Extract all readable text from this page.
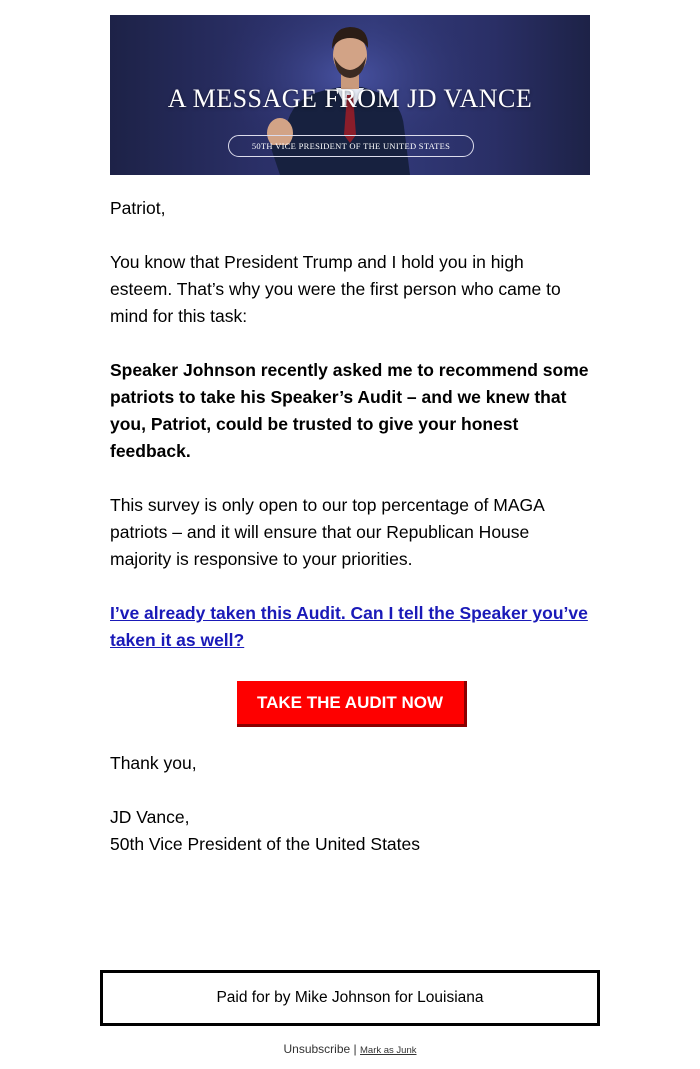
A MESSAGE FROM JD VANCE
50TH VICE PRESIDENT OF THE UNITED STATES

Patriot,

You know that President Trump and I hold you in high esteem. That’s why you were the first person who came to mind for this task:

Speaker Johnson recently asked me to recommend some patriots to take his Speaker’s Audit – and we knew that you, Patriot, could be trusted to give your honest feedback.

This survey is only open to our top percentage of MAGA patriots – and it will ensure that our Republican House majority is responsive to your priorities.

I’ve already taken this Audit. Can I tell the Speaker you’ve taken it as well?

TAKE THE AUDIT NOW

Thank you,

JD Vance,
50th Vice President of the United States

Paid for by Mike Johnson for Louisiana
Unsubscribe | Mark as Junk
